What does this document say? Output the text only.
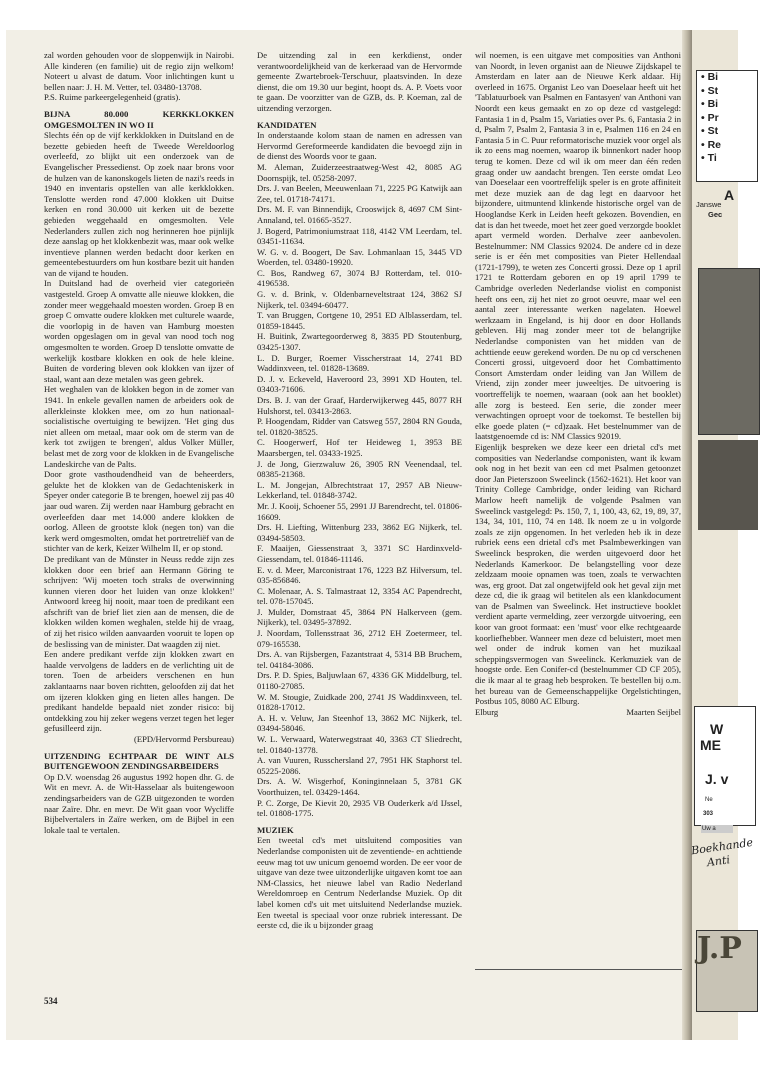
zal worden gehouden voor de sloppenwijk in Nairobi. Alle kinderen (en familie) uit de regio zijn welkom! Noteert u alvast de datum. Voor inlichtingen kunt u bellen naar: J. H. M. Vetter, tel. 03480-13708.

P.S. Ruime parkeergelegenheid (gratis).

BIJNA 80.000 KERKKLOKKEN OMGESMOLTEN IN WO II

Slechts één op de vijf kerkklokken in Duitsland en de bezette gebieden heeft de Tweede Wereldoorlog overleefd, zo blijkt uit een onderzoek van de Evangelischer Pressedienst. Op zoek naar brons voor de hulzen van de kanonskogels lieten de nazi's reeds in 1940 en inventaris opstellen van alle kerkklokken. Tenslotte werden rond 47.000 klokken uit Duitse kerken en rond 30.000 uit kerken uit de bezette gebieden weggehaald en omgesmolten. Vele Nederlanders zullen zich nog herinneren hoe pijnlijk deze aanslag op het klokkenbezit was, maar ook welke inventieve plannen werden bedacht door kerken en gemeentebestuurders om hun kostbare bezit uit handen van de vijand te houden.

In Duitsland had de overheid vier categorieën vastgesteld. Groep A omvatte alle nieuwe klokken, die zonder meer weggehaald moesten worden. Groep B en groep C omvatte oudere klokken met culturele waarde, die voorlopig in de haven van Hamburg moesten worden opgeslagen om in geval van nood toch nog omgesmolten te worden. Groep D tenslotte omvatte de werkelijk kostbare klokken en ook de hele kleine. Buiten de vordering bleven ook klokken van ijzer of staal, want aan deze metalen was geen gebrek.

Het weghalen van de klokken begon in de zomer van 1941. In enkele gevallen namen de arbeiders ook de allerkleinste klokken mee, om zo hun nationaal-socialistische overtuiging te bewijzen. 'Het ging dus niet alleen om metaal, maar ook om de sterm van de kerk tot zwijgen te brengen', aldus Volker Müller, belast met de zorg voor de klokken in de Evangelische Landeskirche van de Palts.

Door grote vasthoudendheid van de beheerders, gelukte het de klokken van de Gedachteniskerk in Speyer onder categorie B te brengen, hoewel zij pas 40 jaar oud waren. Zij werden naar Hamburg gebracht en overleefden daar met 14.000 andere klokken de oorlog. Alleen de grootste klok (negen ton) van die kerk werd omgesmolten, omdat het portretreliëf van de stichter van de kerk, Keizer Wilhelm II, er op stond.

De predikant van de Münster in Neuss redde zijn zes klokken door een brief aan Hermann Göring te schrijven: 'Wij moeten toch straks de overwinning kunnen vieren door het luiden van onze klokken!' Antwoord kreeg hij nooit, maar toen de predikant een afschrift van de brief liet zien aan de mensen, die de klokken wilden komen weghalen, stelde hij de vraag, of zij het risico wilden aanvaarden vooruit te lopen op de beslissing van de minister. Dat waagden zij niet.

Een andere predikant verfde zijn klokken zwart en haalde vervolgens de ladders en de verlichting uit de toren. Toen de arbeiders verschenen en hun zaklantaarns naar boven richtten, geloofden zij dat het om ijzeren klokken ging en lieten alles hangen. De predikant handelde bepaald niet zonder risico: bij ontdekking zou hij zeker wegens verzet tegen het leger gefusilleerd zijn.

(EPD/Hervormd Persbureau)

UITZENDING ECHTPAAR DE WINT ALS BUITENGEWOON ZENDINGSARBEIDERS

Op D.V. woensdag 26 augustus 1992 hopen dhr. G. de Wit en mevr. A. de Wit-Hasselaar als buitengewoon zendingsarbeiders van de GZB uitgezonden te worden naar Zaïre. Dhr. en mevr. De Wit gaan voor Wycliffe Bijbelvertalers in Zaïre werken, om de Bijbel in een lokale taal te vertalen.

De uitzending zal in een kerkdienst, onder verantwoordelijkheid van de kerkeraad van de Hervormde gemeente Zwartebroek-Terschuur, plaatsvinden. In deze dienst, die om 19.30 uur begint, hoopt ds. A. P. Voets voor te gaan. De voorzitter van de GZB, ds. P. Koeman, zal de uitzending verzorgen.

KANDIDATEN

In onderstaande kolom staan de namen en adressen van Hervormd Gereformeerde kandidaten die bevoegd zijn in de dienst des Woords voor te gaan.

M. Aleman, Zuiderzeestraatweg-West 42, 8085 AG Doornspijk, tel. 05258-2097.

Drs. J. van Beelen, Meeuwenlaan 71, 2225 PG Katwijk aan Zee, tel. 01718-74171.

Drs. M. F. van Binnendijk, Crooswijck 8, 4697 CM Sint-Annaland, tel. 01665-3527.

J. Bogerd, Patrimoniumstraat 118, 4142 VM Leerdam, tel. 03451-11634.

W. G. v. d. Boogert, De Sav. Lohmanlaan 15, 3445 VD Woerden, tel. 03480-19920.

C. Bos, Randweg 67, 3074 BJ Rotterdam, tel. 010-4196538.

G. v. d. Brink, v. Oldenbarneveltstraat 124, 3862 SJ Nijkerk, tel. 03494-60477.

T. van Bruggen, Cortgene 10, 2951 ED Alblasserdam, tel. 01859-18445.

H. Buitink, Zwartegoorderweg 8, 3835 PD Stoutenburg, 03425-1307.

L. D. Burger, Roemer Visscherstraat 14, 2741 BD Waddinxveen, tel. 01828-13689.

D. J. v. Eckeveld, Haveroord 23, 3991 XD Houten, tel. 03403-71606.

Drs. B. J. van der Graaf, Harderwijkerweg 445, 8077 RH Hulshorst, tel. 03413-2863.

P. Hoogendam, Ridder van Catsweg 557, 2804 RN Gouda, tel. 01820-38525.

C. Hoogerwerf, Hof ter Heideweg 1, 3953 BE Maarsbergen, tel. 03433-1925.

J. de Jong, Gierzwaluw 26, 3905 RN Veenendaal, tel. 08385-21368.

L. M. Jongejan, Albrechtstraat 17, 2957 AB Nieuw-Lekkerland, tel. 01848-3742.

Mr. J. Kooij, Schoener 55, 2991 JJ Barendrecht, tel. 01806-16609.

Drs. H. Liefting, Wittenburg 233, 3862 EG Nijkerk, tel. 03494-58503.

F. Maaijen, Giessenstraat 3, 3371 SC Hardinxveld-Giessendam, tel. 01846-11146.

E. v. d. Meer, Marconistraat 176, 1223 BZ Hilversum, tel. 035-856846.

C. Molenaar, A. S. Talmastraat 12, 3354 AC Papendrecht, tel. 078-157045.

J. Mulder, Domstraat 45, 3864 PN Halkerveen (gem. Nijkerk), tel. 03495-37892.

J. Noordam, Tollensstraat 36, 2712 EH Zoetermeer, tel. 079-165538.

Drs. A. van Rijsbergen, Fazantstraat 4, 5314 BB Bruchem, tel. 04184-3086.

Drs. P. D. Spies, Baljuwlaan 67, 4336 GK Middelburg, tel. 01180-27085.

W. M. Stougie, Zuidkade 200, 2741 JS Waddinxveen, tel. 01828-17012.

A. H. v. Veluw, Jan Steenhof 13, 3862 MC Nijkerk, tel. 03494-58046.

W. L. Verwaard, Waterwegstraat 40, 3363 CT Sliedrecht, tel. 01840-13778.

A. van Vuuren, Russchersland 27, 7951 HK Staphorst tel. 05225-2086.

Drs. A. W. Wisgerhof, Koninginnelaan 5, 3781 GK Voorthuizen, tel. 03429-1464.

P. C. Zorge, De Kievit 20, 2935 VB Ouderkerk a/d IJssel, tel. 01808-1775.

MUZIEK

Een tweetal cd's met uitsluitend composities van Nederlandse componisten uit de zeventiende- en achttiende eeuw mag tot uw unicum genoemd worden. De eer voor de uitgave van deze twee uitzonderlijke uitgaven komt toe aan NM-Classics, het nieuwe label van Radio Nederland Wereldomroep en Centrum Nederlandse Muziek. Op dit label komen cd's uit met uitsluitend Nederlandse muziek. Een tweetal is speciaal voor onze rubriek interessant. De eerste cd, die ik u bijzonder graag

wil noemen, is een uitgave met composities van Anthoni van Noordt, in leven organist aan de Nieuwe Zijdskapel te Amsterdam en later aan de Nieuwe Kerk aldaar. Hij overleed in 1675. Organist Leo van Doeselaar heeft uit het 'Tablatuurboek van Psalmen en Fantasyen' van Anthoni van Noordt een keus gemaakt en zo op deze cd vastgelegd: Fantasia 1 in d, Psalm 15, Variaties over Ps. 6, Fantasia 2 in d, Psalm 7, Psalm 2, Fantasia 3 in e, Psalmen 116 en 24 en Fantasia 5 in C. Puur reformatorische muziek voor orgel als ik zo eens mag noemen, waarop ik binnenkort nader hoop terug te komen. Deze cd wil ik om meer dan één reden graag onder uw aandacht brengen. Ten eerste omdat Leo van Doeselaar een voortreffelijk speler is en grote affiniteit met deze muziek aan de dag legt en daarvoor het bijzondere, uitmuntend klinkende historische orgel van de Hooglandse Kerk in Leiden heeft gekozen. Bovendien, en dat is dan het tweede, moet het zeer goed verzorgde booklet apart vermeld worden. Derhalve zeer aanbevolen. Bestelnummer: NM Classics 92024. De andere cd in deze serie is er één met composities van Pieter Hellendaal (1721-1799), te weten zes Concerti grossi. Deze op 1 april 1721 te Rotterdam geboren en op 19 april 1799 te Cambridge overleden Nederlandse violist en componist heeft ons een, zij het niet zo groot oeuvre, maar wel een aantal zeer interessante werken nagelaten. Hoewel werkzaam in Engeland, is hij door en door Hollands gebleven. Hij mag zonder meer tot de belangrijke Nederlandse componisten van het midden van de achttiende eeuw gerekend worden. De nu op cd verschenen Concerti grossi, uitgevoerd door het Combattimento Consort Amsterdam onder leiding van Jan Willem de Vriend, zijn zonder meer juweeltjes. De uitvoering is voortreffelijk te noemen, waaraan (ook aan het booklet) alle zorg is besteed. Een serie, die zonder meer verwachtingen oproept voor de toekomst. Te bestellen bij elke goede platen (= cd)zaak. Het bestelnummer van de laatstgenoemde cd is: NM Classics 92019.

Eigenlijk bespreken we deze keer een drietal cd's met composities van Nederlandse componisten, want ik kwam ook nog in het bezit van een cd met Psalmen getoonzet door Jan Pieterszoon Sweelinck (1562-1621). Het koor van Trinity College Cambridge, onder leiding van Richard Marlow heeft namelijk de volgende Psalmen van Sweelinck vastgelegd: Ps. 150, 7, 1, 100, 43, 62, 19, 89, 37, 134, 34, 101, 110, 74 en 148. Ik noem ze u in volgorde zoals ze zijn opgenomen. In het verleden heb ik in deze rubriek eens een drietal cd's met Psalmbewerkingen van Sweelinck besproken, die werden uitgevoerd door het Nederlands Kamerkoor. De belangstelling voor deze zeldzaam mooie opnamen was toen, zoals te verwachten was, erg groot. Dat zal ongetwijfeld ook het geval zijn met deze cd, die ik graag wil betitelen als een klankdocument van de Psalmen van Sweelinck. Het instructieve booklet verdient aparte vermelding, zeer verzorgde uitvoering, een koor van groot formaat: een 'must' voor elke rechtgeaarde koorliefhebber. Wanneer men deze cd beluistert, moet men wel onder de indruk komen van het muzikaal scheppingsvermogen van Sweelinck. Kerkmuziek van de hoogste orde. Een Conifer-cd (bestelnummer CD CF 205), die ik maar al te graag heb besproken. Te bestellen bij o.m. het bureau van de Gemeenschappelijke Orgelstichtingen, Postbus 105, 8080 AC Elburg.

Elburg	Maarten Seijbel

534
• Bi
• St
• Bi
• Pr
• St
• Re
• Ti
A
Janswe
Gec
W
ME
J. v
Ne
303
Uw a
Boekhande
Anti
J.P
